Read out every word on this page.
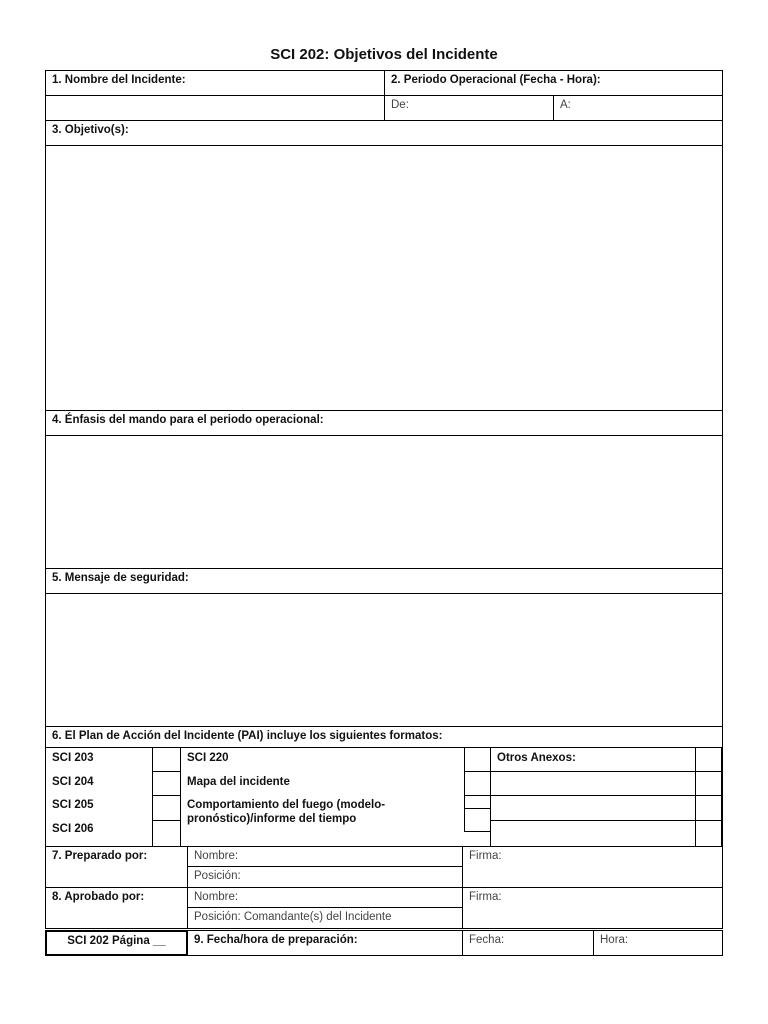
SCI 202: Objetivos del Incidente
1. Nombre del Incidente:	2. Periodo Operacional (Fecha - Hora):
De:	A:
3. Objetivo(s):
4. Énfasis del mando para el periodo operacional:
5. Mensaje de seguridad:
6. El Plan de Acción del Incidente (PAI) incluye los siguientes formatos:
SCI 203
SCI 204
SCI 205
SCI 206
SCI 220
Mapa del incidente
Comportamiento del fuego (modelo-pronóstico)/informe del tiempo
Otros Anexos:
7. Preparado por:	Nombre:
Posición:
Firma:
8. Aprobado por:	Nombre:
Posición: Comandante(s) del Incidente
Firma:
SCI 202 Página __	9. Fecha/hora de preparación:	Fecha:	Hora:
